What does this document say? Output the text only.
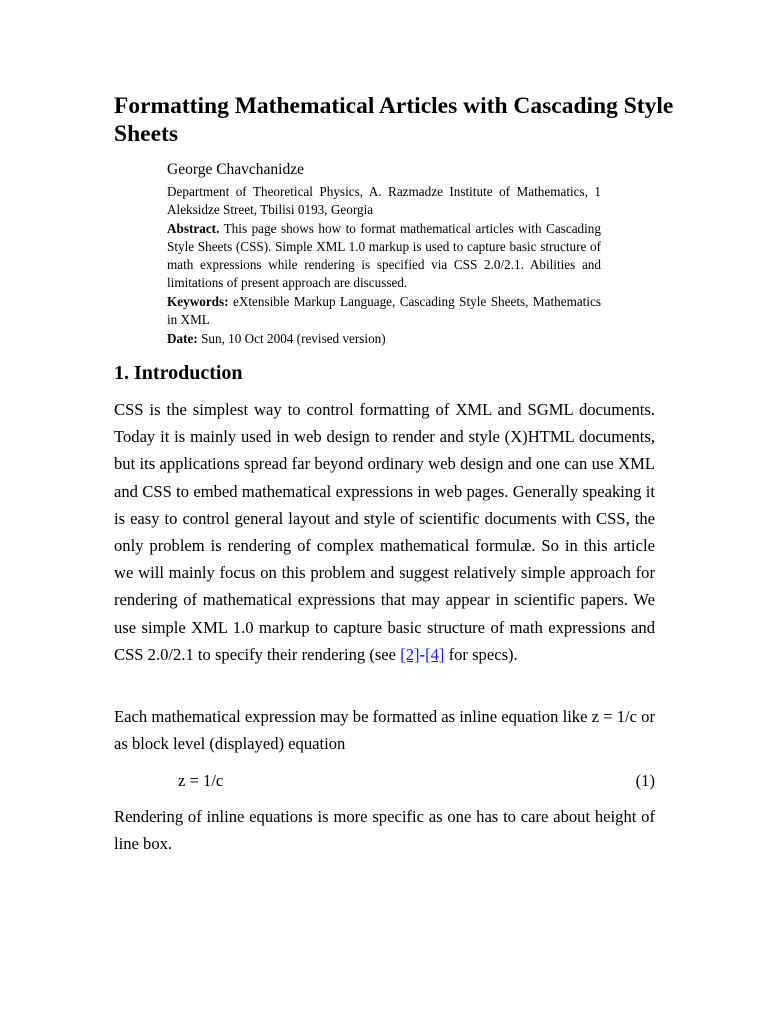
Formatting Mathematical Articles with Cascading Style Sheets

George Chavchanidze

Department of Theoretical Physics, A. Razmadze Institute of Mathematics, 1 Aleksidze Street, Tbilisi 0193, Georgia

Abstract. This page shows how to format mathematical articles with Cascading Style Sheets (CSS). Simple XML 1.0 markup is used to capture basic structure of math expressions while rendering is specified via CSS 2.0/2.1. Abilities and limitations of present approach are discussed.

Keywords: eXtensible Markup Language, Cascading Style Sheets, Mathematics in XML

Date: Sun, 10 Oct 2004 (revised version)

1. Introduction

CSS is the simplest way to control formatting of XML and SGML documents. Today it is mainly used in web design to render and style (X)HTML documents, but its applications spread far beyond ordinary web design and one can use XML and CSS to embed mathematical expressions in web pages. Generally speaking it is easy to control general layout and style of scientific documents with CSS, the only problem is rendering of complex mathematical formulæ. So in this article we will mainly focus on this problem and suggest relatively simple approach for rendering of mathematical expressions that may appear in scientific papers. We use simple XML 1.0 markup to capture basic structure of math expressions and CSS 2.0/2.1 to specify their rendering (see [2]-[4] for specs).

Each mathematical expression may be formatted as inline equation like z = 1/c or as block level (displayed) equation

z = 1/c	(1)

Rendering of inline equations is more specific as one has to care about height of line box.
